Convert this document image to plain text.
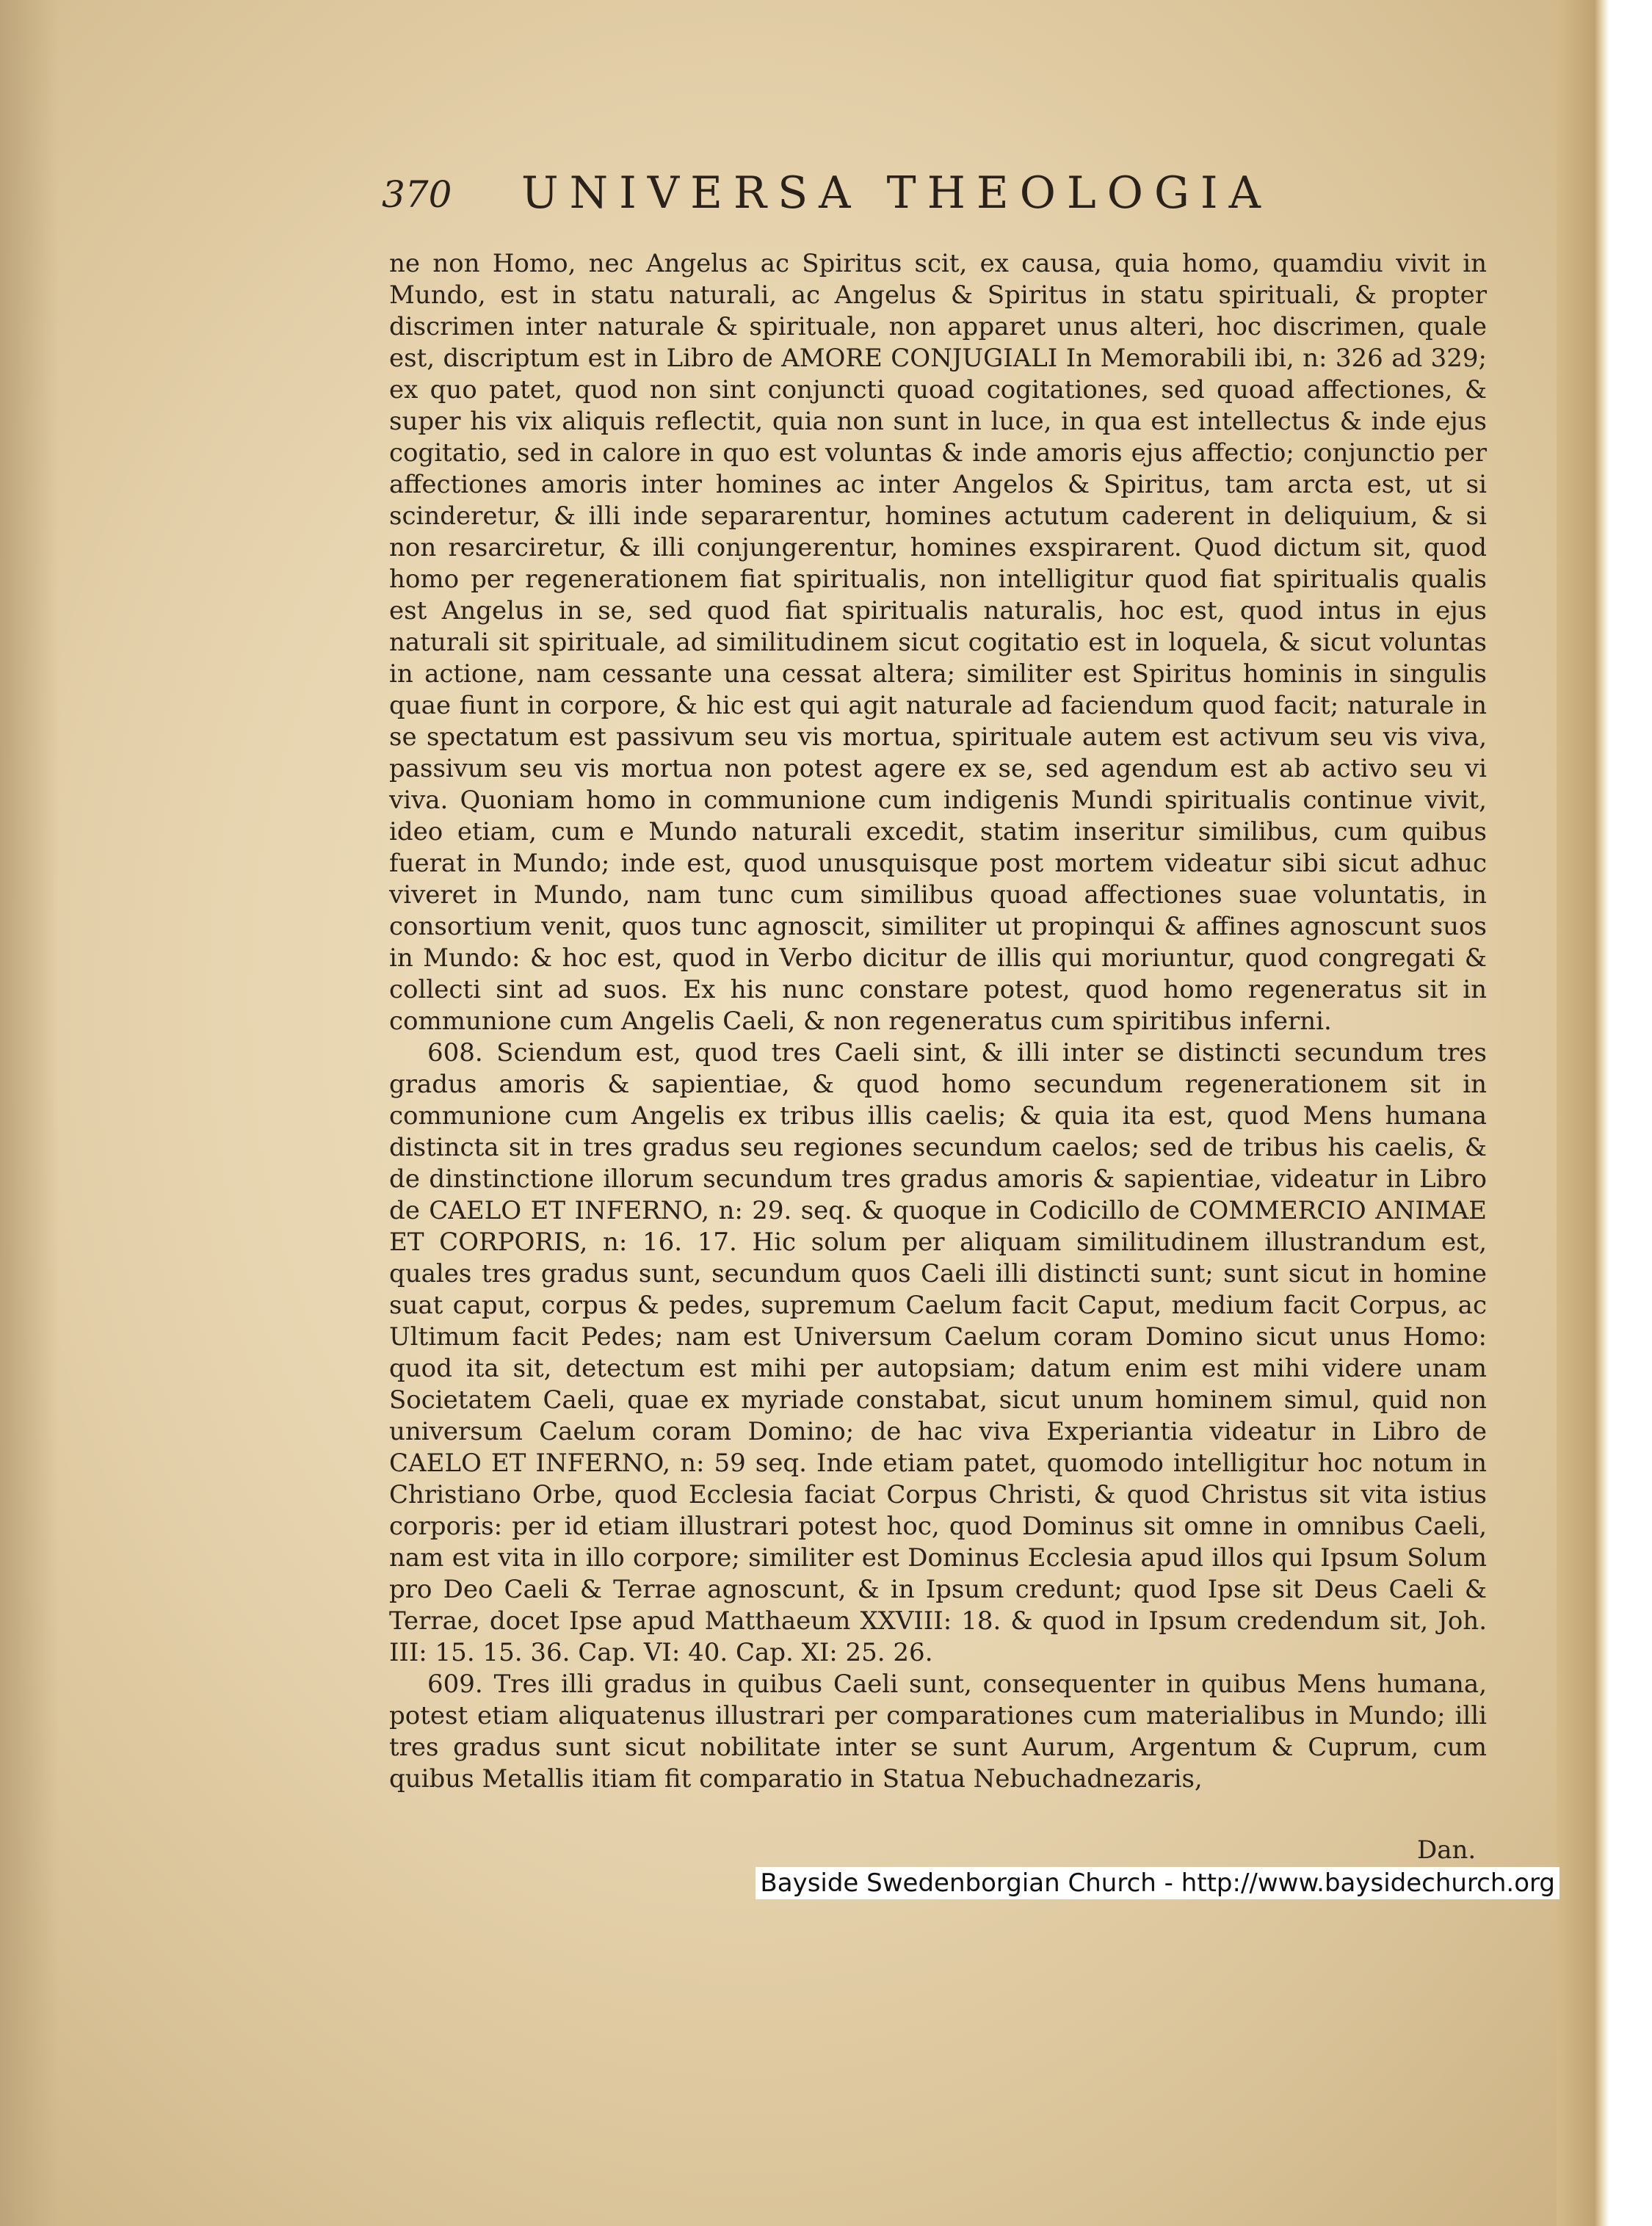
370 UNIVERSA THEOLOGIA

ne non Homo, nec Angelus ac Spiritus scit, ex causa, quia homo, quamdiu vivit in Mundo, est in statu naturali, ac Angelus & Spiritus in statu spirituali, & propter discrimen inter naturale & spirituale, non apparet unus alteri, hoc discrimen, quale est, discriptum est in Libro de AMORE CONJUGIALI In Memorabili ibi, n: 326 ad 329; ex quo patet, quod non sint conjuncti quoad cogitationes, sed quoad affectiones, & super his vix aliquis reflectit, quia non sunt in luce, in qua est intellectus & inde ejus cogitatio, sed in calore in quo est voluntas & inde amoris ejus affectio; conjunctio per affectiones amoris inter homines ac inter Angelos & Spiritus, tam arcta est, ut si scinderetur, & illi inde separarentur, homines actutum caderent in deliquium, & si non resarciretur, & illi conjungerentur, homines exspirarent. Quod dictum sit, quod homo per regenerationem fiat spiritualis, non intelligitur quod fiat spiritualis qualis est Angelus in se, sed quod fiat spiritualis naturalis, hoc est, quod intus in ejus naturali sit spirituale, ad similitudinem sicut cogitatio est in loquela, & sicut voluntas in actione, nam cessante una cessat altera; similiter est Spiritus hominis in singulis quae fiunt in corpore, & hic est qui agit naturale ad faciendum quod facit; naturale in se spectatum est passivum seu vis mortua, spirituale autem est activum seu vis viva, passivum seu vis mortua non potest agere ex se, sed agendum est ab activo seu vi viva. Quoniam homo in communione cum indigenis Mundi spiritualis continue vivit, ideo etiam, cum e Mundo naturali excedit, statim inseritur similibus, cum quibus fuerat in Mundo; inde est, quod unusquisque post mortem videatur sibi sicut adhuc viveret in Mundo, nam tunc cum similibus quoad affectiones suae voluntatis, in consortium venit, quos tunc agnoscit, similiter ut propinqui & affines agnoscunt suos in Mundo: & hoc est, quod in Verbo dicitur de illis qui moriuntur, quod congregati & collecti sint ad suos. Ex his nunc constare potest, quod homo regeneratus sit in communione cum Angelis Caeli, & non regeneratus cum spiritibus inferni.

608. Sciendum est, quod tres Caeli sint, & illi inter se distincti secundum tres gradus amoris & sapientiae, & quod homo secundum regenerationem sit in communione cum Angelis ex tribus illis caelis; & quia ita est, quod Mens humana distincta sit in tres gradus seu regiones secundum caelos; sed de tribus his caelis, & de dinstinctione illorum secundum tres gradus amoris & sapientiae, videatur in Libro de CAELO ET INFERNO, n: 29. seq. & quoque in Codicillo de COMMERCIO ANIMAE ET CORPORIS, n: 16. 17. Hic solum per aliquam similitudinem illustrandum est, quales tres gradus sunt, secundum quos Caeli illi distincti sunt; sunt sicut in homine suat caput, corpus & pedes, supremum Caelum facit Caput, medium facit Corpus, ac Ultimum facit Pedes; nam est Universum Caelum coram Domino sicut unus Homo: quod ita sit, detectum est mihi per autopsiam; datum enim est mihi videre unam Societatem Caeli, quae ex myriade constabat, sicut unum hominem simul, quid non universum Caelum coram Domino; de hac viva Experiantia videatur in Libro de CAELO ET INFERNO, n: 59 seq. Inde etiam patet, quomodo intelligitur hoc notum in Christiano Orbe, quod Ecclesia faciat Corpus Christi, & quod Christus sit vita istius corporis: per id etiam illustrari potest hoc, quod Dominus sit omne in omnibus Caeli, nam est vita in illo corpore; similiter est Dominus Ecclesia apud illos qui Ipsum Solum pro Deo Caeli & Terrae agnoscunt, & in Ipsum credunt; quod Ipse sit Deus Caeli & Terrae, docet Ipse apud Matthaeum XXVIII: 18. & quod in Ipsum credendum sit, Joh. III: 15. 15. 36. Cap. VI: 40. Cap. XI: 25. 26.

609. Tres illi gradus in quibus Caeli sunt, consequenter in quibus Mens humana, potest etiam aliquatenus illustrari per comparationes cum materialibus in Mundo; illi tres gradus sunt sicut nobilitate inter se sunt Aurum, Argentum & Cuprum, cum quibus Metallis itiam fit comparatio in Statua Nebuchadnezaris,

Dan.
Bayside Swedenborgian Church - http://www.baysidechurch.org
